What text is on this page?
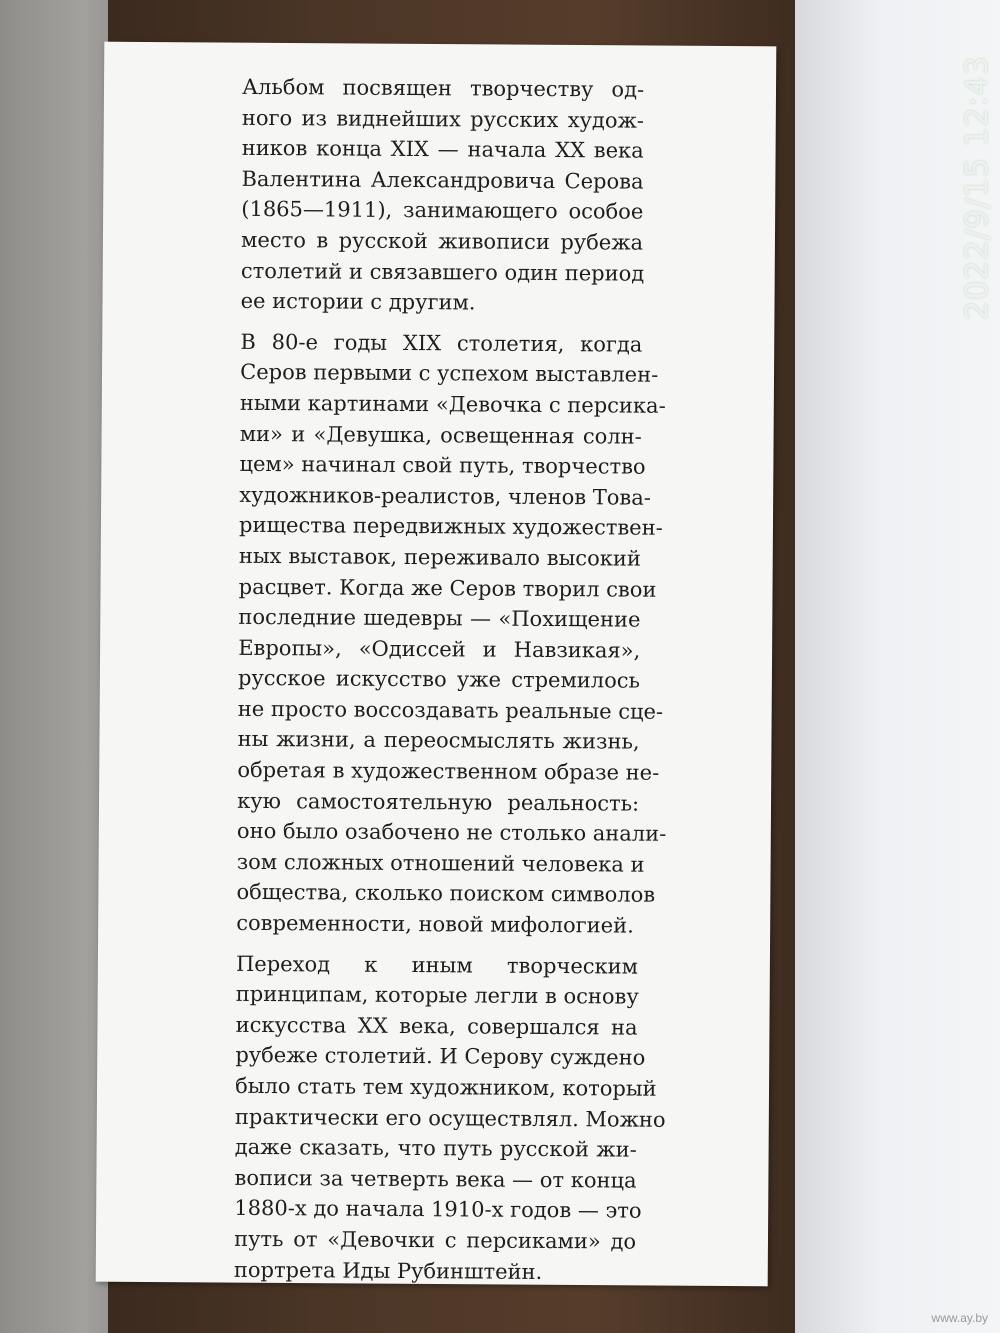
Альбом посвящен творчеству од-
ного из виднейших русских худож-
ников конца XIX — начала XX века
Валентина Александровича Серова
(1865—1911), занимающего особое
место в русской живописи рубежа
столетий и связавшего один период
ее истории с другим.

В 80-е годы XIX столетия, когда
Серов первыми с успехом выставлен-
ными картинами «Девочка с персика-
ми» и «Девушка, освещенная солн-
цем» начинал свой путь, творчество
художников-реалистов, членов Това-
рищества передвижных художествен-
ных выставок, переживало высокий
расцвет. Когда же Серов творил свои
последние шедевры — «Похищение
Европы», «Одиссей и Навзикая»,
русское искусство уже стремилось
не просто воссоздавать реальные сце-
ны жизни, а переосмыслять жизнь,
обретая в художественном образе не-
кую самостоятельную реальность:
оно было озабочено не столько анали-
зом сложных отношений человека и
общества, сколько поиском символов
современности, новой мифологией.

Переход к иным творческим
принципам, которые легли в основу
искусства XX века, совершался на
рубеже столетий. И Серову суждено
было стать тем художником, который
практически его осуществлял. Можно
даже сказать, что путь русской жи-
вописи за четверть века — от конца
1880-х до начала 1910-х годов — это
путь от «Девочки с персиками» до
портрета Иды Рубинштейн.

2022/9/15 12:43
www.ay.by
